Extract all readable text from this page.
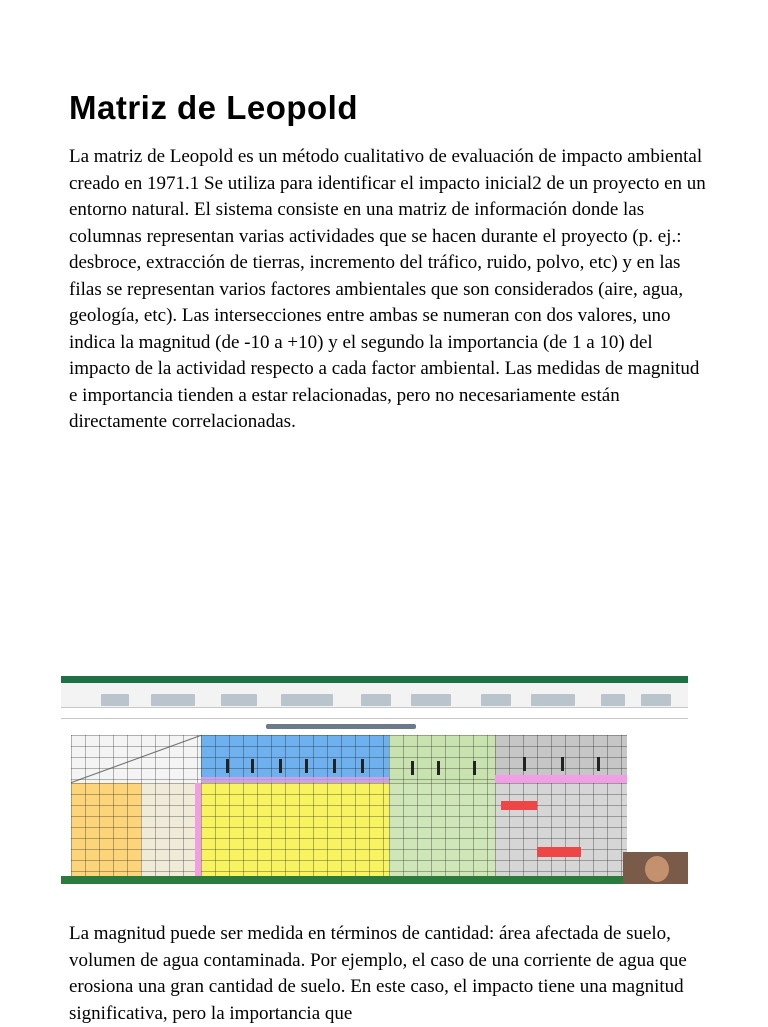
Matriz de Leopold

La matriz de Leopold es un método cualitativo de evaluación de impacto ambiental creado en 1971.1 Se utiliza para identificar el impacto inicial2 de un proyecto en un entorno natural. El sistema consiste en una matriz de información donde las columnas representan varias actividades que se hacen durante el proyecto (p. ej.: desbroce, extracción de tierras, incremento del tráfico, ruido, polvo, etc) y en las filas se representan varios factores ambientales que son considerados (aire, agua, geología, etc). Las intersecciones entre ambas se numeran con dos valores, uno indica la magnitud (de -10 a +10) y el segundo la importancia (de 1 a 10) del impacto de la actividad respecto a cada factor ambiental. Las medidas de magnitud e importancia tienden a estar relacionadas, pero no necesariamente están directamente correlacionadas.

La magnitud puede ser medida en términos de cantidad: área afectada de suelo, volumen de agua contaminada. Por ejemplo, el caso de una corriente de agua que erosiona una gran cantidad de suelo. En este caso, el impacto tiene una magnitud significativa, pero la importancia que
